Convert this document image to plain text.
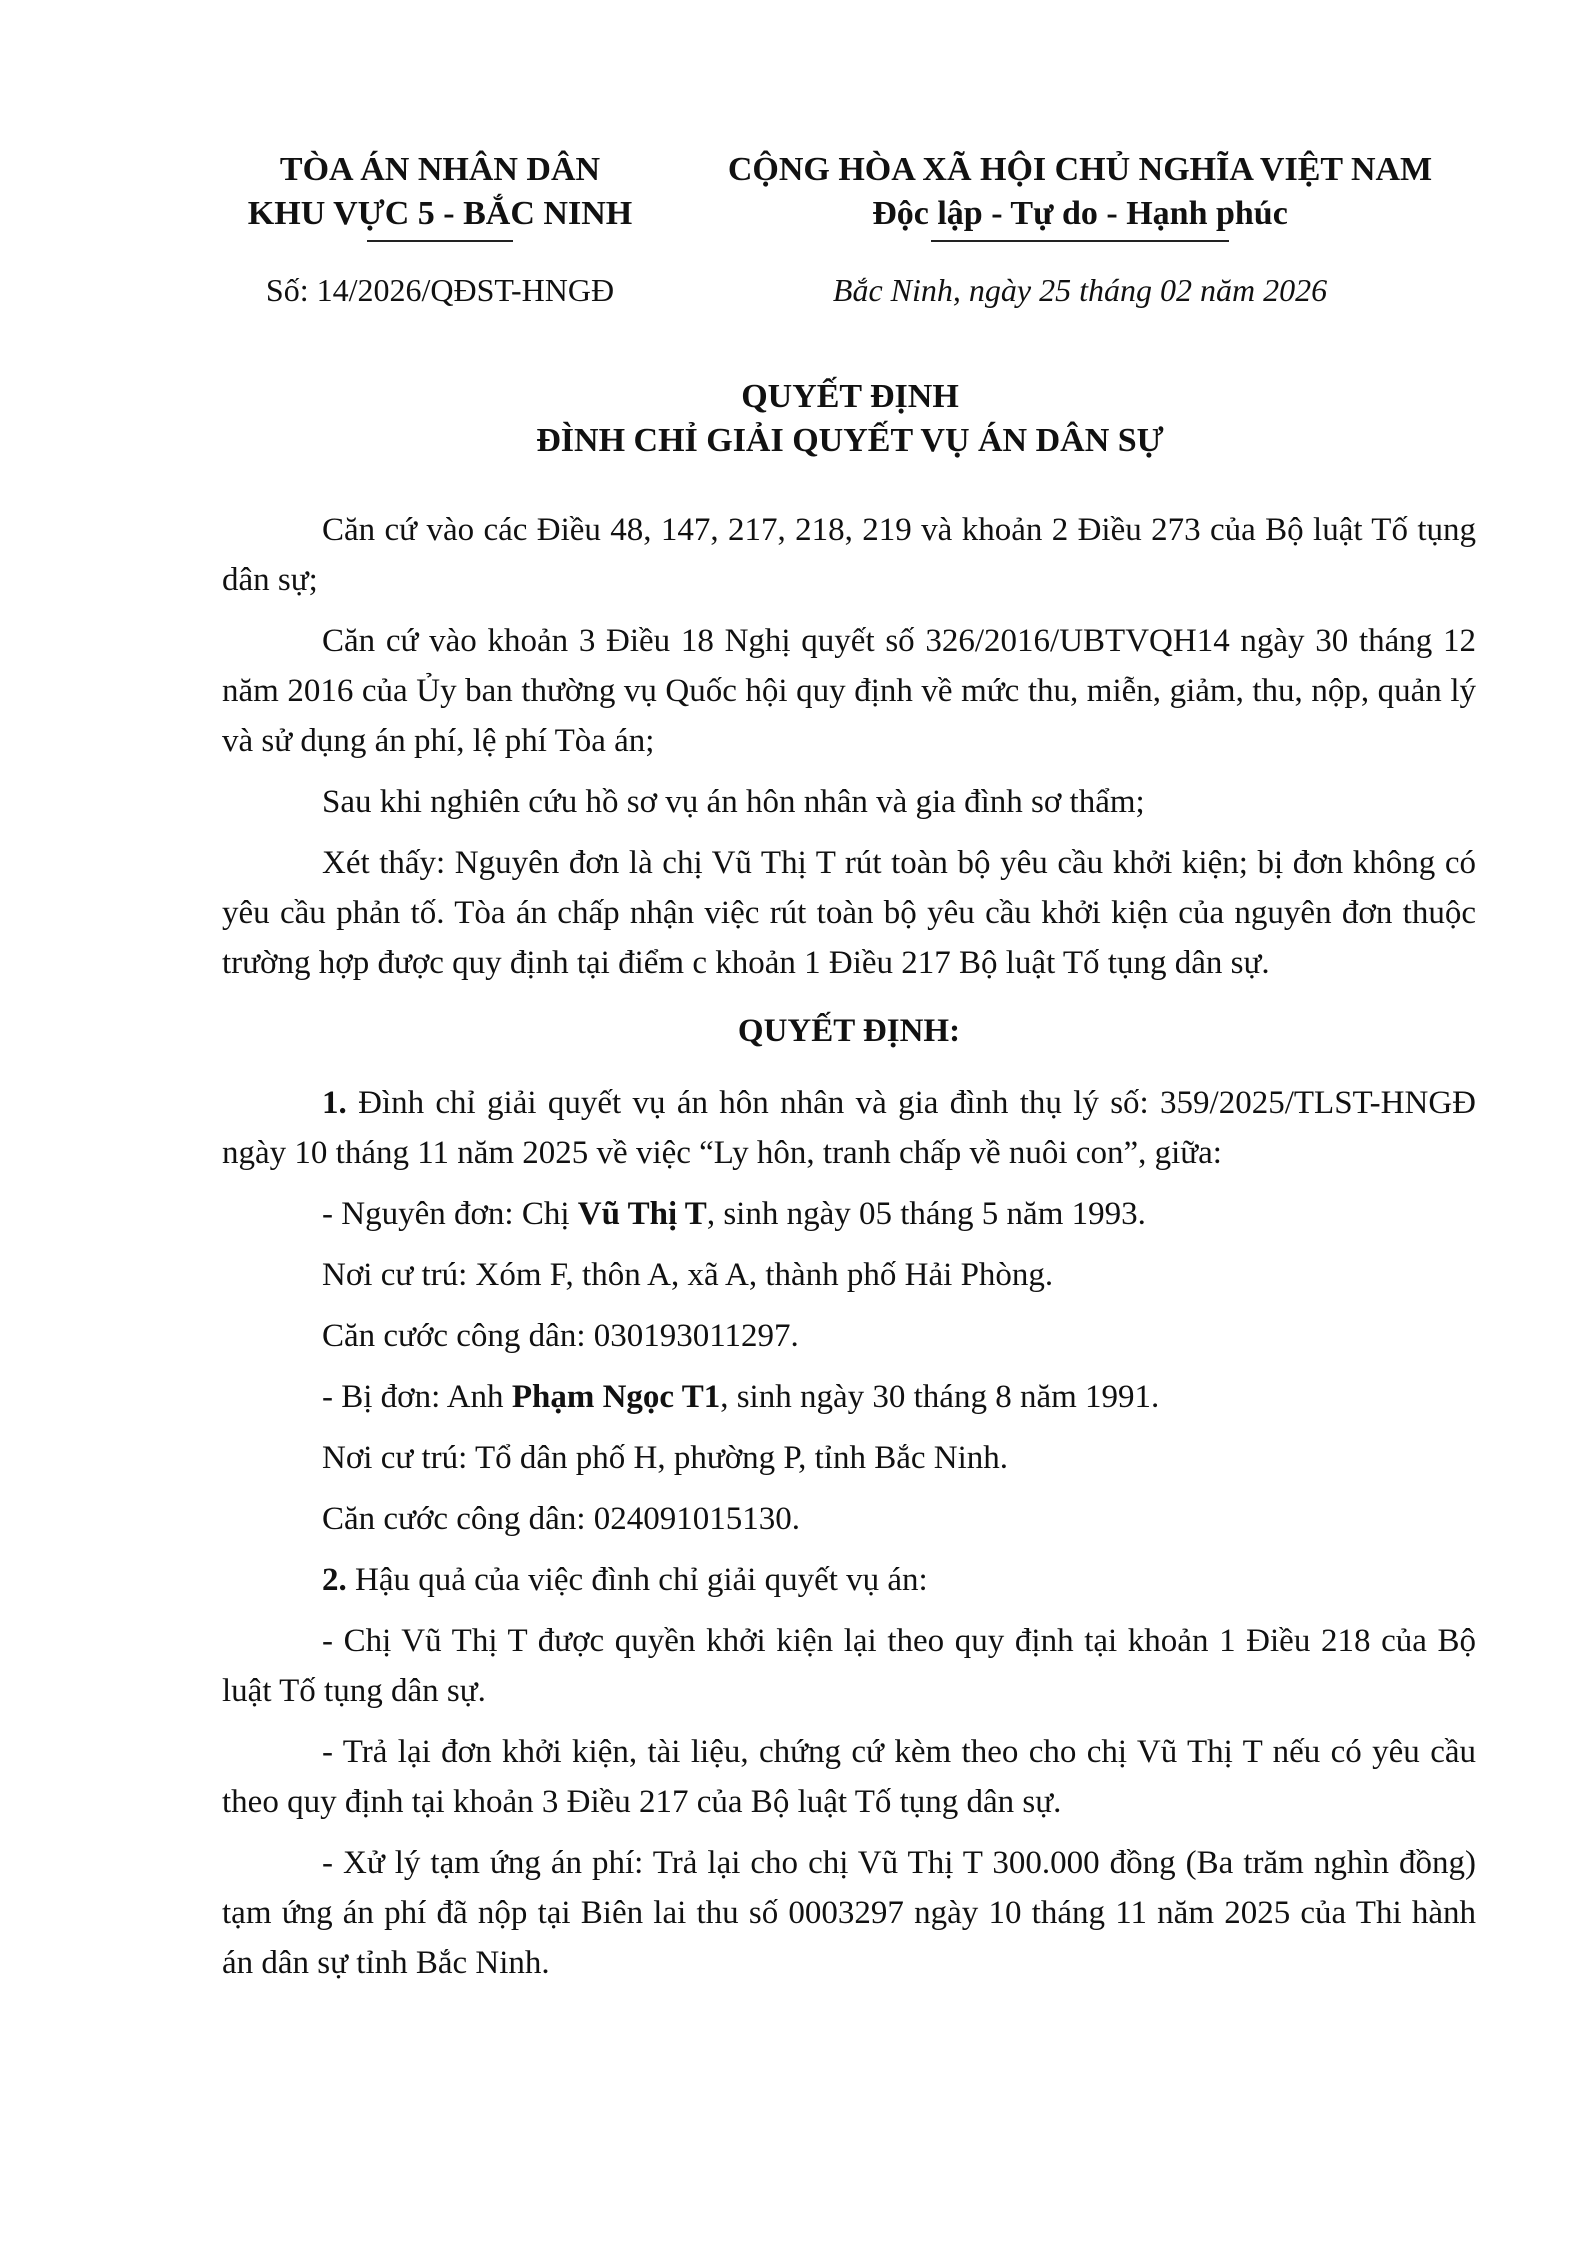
TÒA ÁN NHÂN DÂN
KHU VỰC 5 - BẮC NINH
CỘNG HÒA XÃ HỘI CHỦ NGHĨA VIỆT NAM
Độc lập - Tự do - Hạnh phúc
Số: 14/2026/QĐST-HNGĐ	Bắc Ninh, ngày 25 tháng 02 năm 2026
QUYẾT ĐỊNH
ĐÌNH CHỈ GIẢI QUYẾT VỤ ÁN DÂN SỰ

Căn cứ vào các Điều 48, 147, 217, 218, 219 và khoản 2 Điều 273 của Bộ luật Tố tụng dân sự;

Căn cứ vào khoản 3 Điều 18 Nghị quyết số 326/2016/UBTVQH14 ngày 30 tháng 12 năm 2016 của Ủy ban thường vụ Quốc hội quy định về mức thu, miễn, giảm, thu, nộp, quản lý và sử dụng án phí, lệ phí Tòa án;

Sau khi nghiên cứu hồ sơ vụ án hôn nhân và gia đình sơ thẩm;

Xét thấy: Nguyên đơn là chị Vũ Thị T rút toàn bộ yêu cầu khởi kiện; bị đơn không có yêu cầu phản tố. Tòa án chấp nhận việc rút toàn bộ yêu cầu khởi kiện của nguyên đơn thuộc trường hợp được quy định tại điểm c khoản 1 Điều 217 Bộ luật Tố tụng dân sự.

QUYẾT ĐỊNH:

1. Đình chỉ giải quyết vụ án hôn nhân và gia đình thụ lý số: 359/2025/TLST-HNGĐ ngày 10 tháng 11 năm 2025 về việc “Ly hôn, tranh chấp về nuôi con”, giữa:

- Nguyên đơn: Chị Vũ Thị T, sinh ngày 05 tháng 5 năm 1993.

Nơi cư trú: Xóm F, thôn A, xã A, thành phố Hải Phòng.

Căn cước công dân: 030193011297.

- Bị đơn: Anh Phạm Ngọc T1, sinh ngày 30 tháng 8 năm 1991.

Nơi cư trú: Tổ dân phố H, phường P, tỉnh Bắc Ninh.

Căn cước công dân: 024091015130.

2. Hậu quả của việc đình chỉ giải quyết vụ án:

- Chị Vũ Thị T được quyền khởi kiện lại theo quy định tại khoản 1 Điều 218 của Bộ luật Tố tụng dân sự.

- Trả lại đơn khởi kiện, tài liệu, chứng cứ kèm theo cho chị Vũ Thị T nếu có yêu cầu theo quy định tại khoản 3 Điều 217 của Bộ luật Tố tụng dân sự.

- Xử lý tạm ứng án phí: Trả lại cho chị Vũ Thị T 300.000 đồng (Ba trăm nghìn đồng) tạm ứng án phí đã nộp tại Biên lai thu số 0003297 ngày 10 tháng 11 năm 2025 của Thi hành án dân sự tỉnh Bắc Ninh.
